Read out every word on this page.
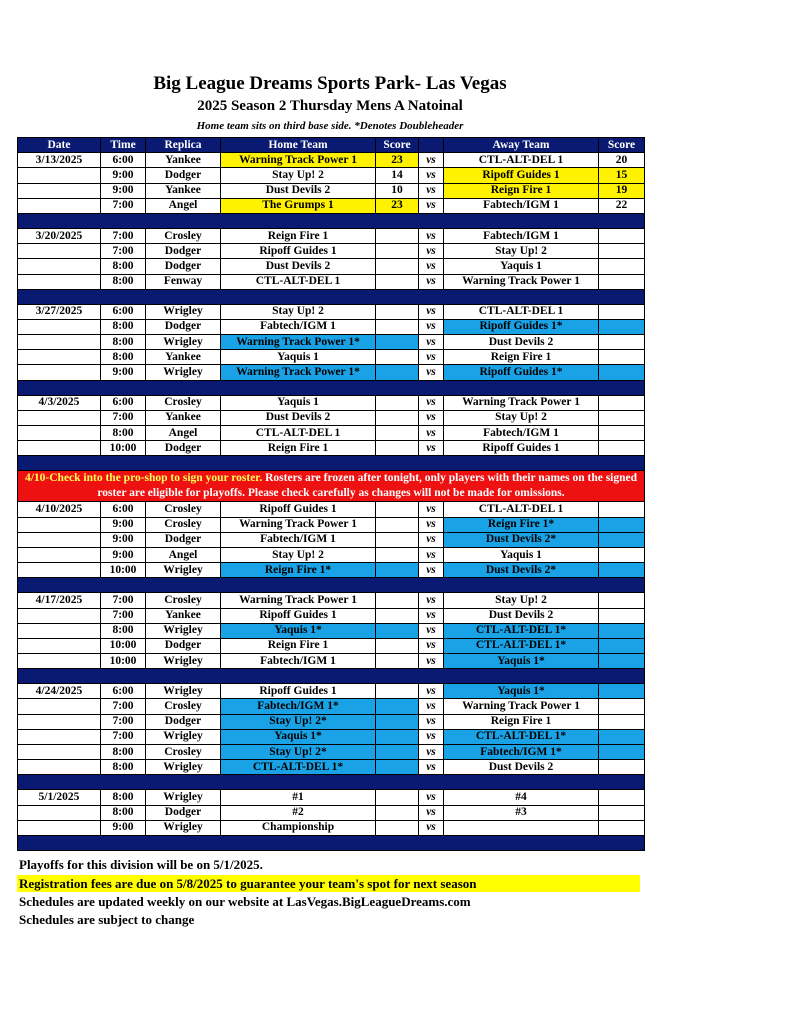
Big League Dreams Sports Park- Las Vegas
2025 Season 2 Thursday Mens A Natoinal
Home team sits on third base side. *Denotes Doubleheader
Date	Time	Replica	Home Team	Score		Away Team	Score
3/13/2025	6:00	Yankee	Warning Track Power 1	23	vs	CTL-ALT-DEL 1	20
	9:00	Dodger	Stay Up! 2	14	vs	Ripoff Guides 1	15
	9:00	Yankee	Dust Devils 2	10	vs	Reign Fire 1	19
	7:00	Angel	The Grumps 1	23	vs	Fabtech/IGM 1	22

3/20/2025	7:00	Crosley	Reign Fire 1		vs	Fabtech/IGM 1	
	7:00	Dodger	Ripoff Guides 1		vs	Stay Up! 2	
	8:00	Dodger	Dust Devils 2		vs	Yaquis 1	
	8:00	Fenway	CTL-ALT-DEL 1		vs	Warning Track Power 1	

3/27/2025	6:00	Wrigley	Stay Up! 2		vs	CTL-ALT-DEL 1	
	8:00	Dodger	Fabtech/IGM 1		vs	Ripoff Guides 1*	
	8:00	Wrigley	Warning Track Power 1*		vs	Dust Devils 2	
	8:00	Yankee	Yaquis 1		vs	Reign Fire 1	
	9:00	Wrigley	Warning Track Power 1*		vs	Ripoff Guides 1*	

4/3/2025	6:00	Crosley	Yaquis 1		vs	Warning Track Power 1	
	7:00	Yankee	Dust Devils 2		vs	Stay Up! 2	
	8:00	Angel	CTL-ALT-DEL 1		vs	Fabtech/IGM 1	
	10:00	Dodger	Reign Fire 1		vs	Ripoff Guides 1	

4/10-Check into the pro-shop to sign your roster. Rosters are frozen after tonight, only players with their names on the signed roster are eligible for playoffs. Please check carefully as changes will not be made for omissions.							
4/10/2025	6:00	Crosley	Ripoff Guides 1		vs	CTL-ALT-DEL 1	
	9:00	Crosley	Warning Track Power 1		vs	Reign Fire 1*	
	9:00	Dodger	Fabtech/IGM 1		vs	Dust Devils 2*	
	9:00	Angel	Stay Up! 2		vs	Yaquis 1	
	10:00	Wrigley	Reign Fire 1*		vs	Dust Devils 2*	

4/17/2025	7:00	Crosley	Warning Track Power 1		vs	Stay Up! 2	
	7:00	Yankee	Ripoff Guides 1		vs	Dust Devils 2	
	8:00	Wrigley	Yaquis 1*		vs	CTL-ALT-DEL 1*	
	10:00	Dodger	Reign Fire 1		vs	CTL-ALT-DEL 1*	
	10:00	Wrigley	Fabtech/IGM 1		vs	Yaquis 1*	

4/24/2025	6:00	Wrigley	Ripoff Guides 1		vs	Yaquis 1*	
	7:00	Crosley	Fabtech/IGM 1*		vs	Warning Track Power 1	
	7:00	Dodger	Stay Up! 2*		vs	Reign Fire 1	
	7:00	Wrigley	Yaquis 1*		vs	CTL-ALT-DEL 1*	
	8:00	Crosley	Stay Up! 2*		vs	Fabtech/IGM 1*	
	8:00	Wrigley	CTL-ALT-DEL 1*		vs	Dust Devils 2	

5/1/2025	8:00	Wrigley	#1		vs	#4	
	8:00	Dodger	#2		vs	#3	
	9:00	Wrigley	Championship		vs		

Playoffs for this division will be on 5/1/2025.
Registration fees are due on 5/8/2025 to guarantee your team's spot for next season
Schedules are updated weekly on our website at LasVegas.BigLeagueDreams.com
Schedules are subject to change
